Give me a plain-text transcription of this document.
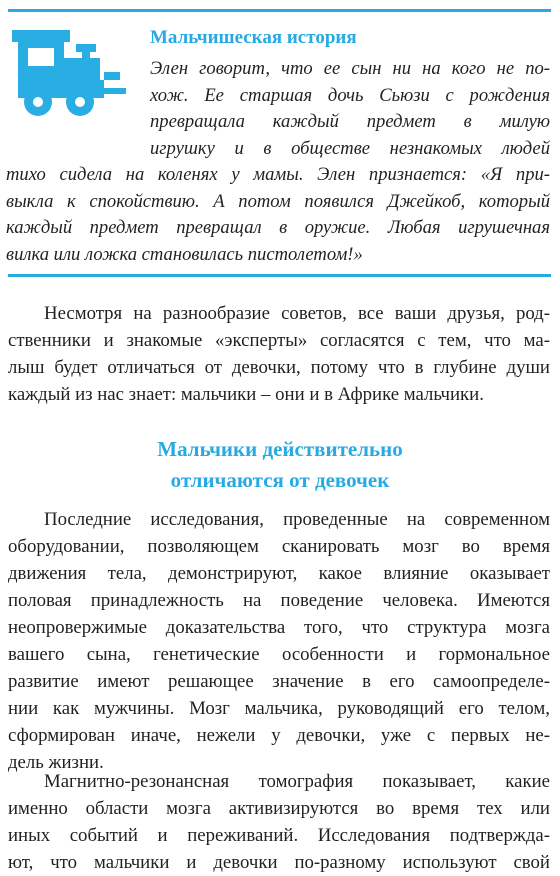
Мальчишеская история
Элен говорит, что ее сын ни на кого не по-
хож. Ее старшая дочь Сьюзи с рождения
превращала каждый предмет в милую
игрушку и в обществе незнакомых людей
тихо сидела на коленях у мамы. Элен признается: «Я при-
выкла к спокойствию. А потом появился Джейкоб, который
каждый предмет превращал в оружие. Любая игрушечная
вилка или ложка становилась пистолетом!»
Несмотря на разнообразие советов, все ваши друзья, род-
ственники и знакомые «эксперты» согласятся с тем, что ма-
лыш будет отличаться от девочки, потому что в глубине души
каждый из нас знает: мальчики – они и в Африке мальчики.
Мальчики действительно
отличаются от девочек
Последние исследования, проведенные на современном
оборудовании, позволяющем сканировать мозг во время
движения тела, демонстрируют, какое влияние оказывает
половая принадлежность на поведение человека. Имеются
неопровержимые доказательства того, что структура мозга
вашего сына, генетические особенности и гормональное
развитие имеют решающее значение в его самоопределе-
нии как мужчины. Мозг мальчика, руководящий его телом,
сформирован иначе, нежели у девочки, уже с первых не-
дель жизни.
Магнитно-резонансная томография показывает, какие
именно области мозга активизируются во время тех или
иных событий и переживаний. Исследования подтвержда-
ют, что мальчики и девочки по-разному используют свой
